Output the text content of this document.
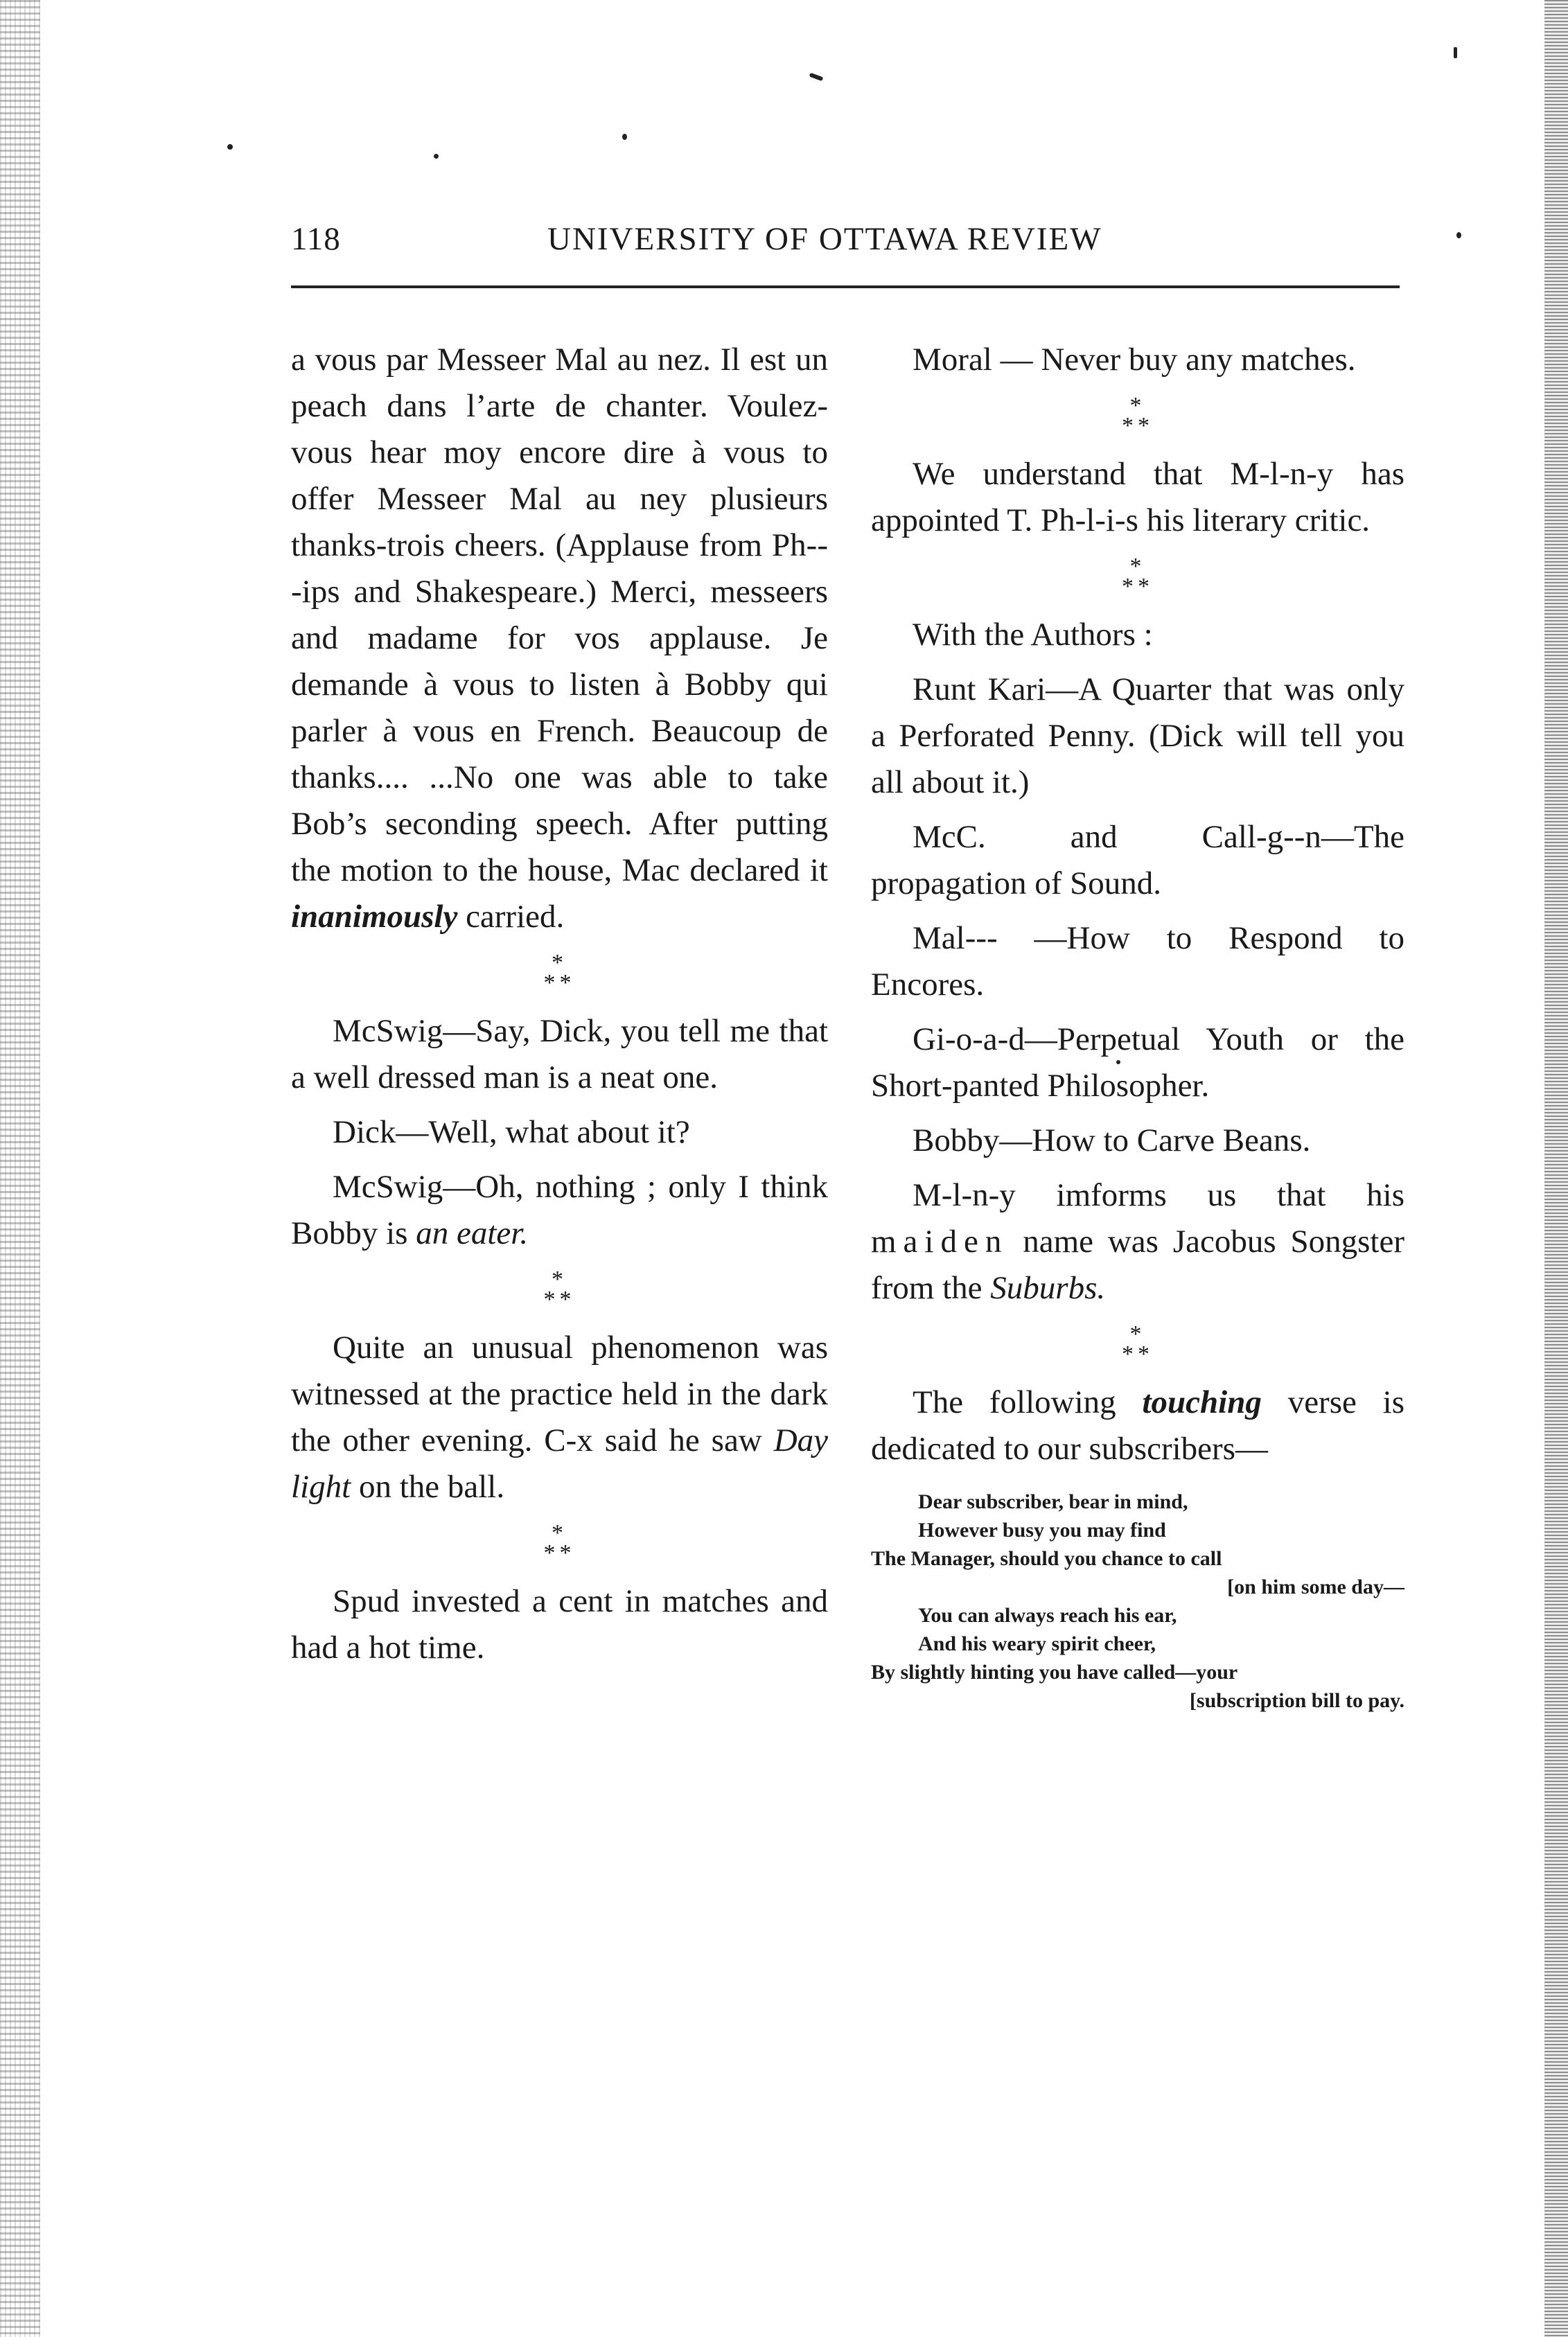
118	UNIVERSITY OF OTTAWA REVIEW

a vous par Messeer Mal au nez. Il est un peach dans l’arte de chanter. Voulez-vous hear moy encore dire à vous to offer Messeer Mal au ney plusieurs thanks-trois cheers. (Applause from Ph---ips and Shakespeare.) Merci, messeers and madame for vos applause. Je demande à vous to listen à Bobby qui parler à vous en French. Beaucoup de thanks.... ...No one was able to take Bob’s seconding speech. After putting the motion to the house, Mac declared it inanimously carried.

*
**

McSwig—Say, Dick, you tell me that a well dressed man is a neat one.

Dick—Well, what about it?

McSwig—Oh, nothing ; only I think Bobby is an eater.

*
**

Quite an unusual phenomenon was witnessed at the practice held in the dark the other evening. C-x said he saw Day light on the ball.

*
**

Spud invested a cent in matches and had a hot time.

Moral — Never buy any matches.

*
**

We understand that M-l-n-y has appointed T. Ph-l-i-s his literary critic.

*
**

With the Authors :

Runt Kari—A Quarter that was only a Perforated Penny. (Dick will tell you all about it.)

McC. and Call-g--n—The propagation of Sound.

Mal--- —How to Respond to Encores.

Gi-o-a-d—Perpetual Youth or the Short-panted Philosopher.

Bobby—How to Carve Beans.

M-l-n-y imforms us that his maiden name was Jacobus Songster from the Suburbs.

*
**

The following touching verse is dedicated to our subscribers—

Dear subscriber, bear in mind,
However busy you may find
The Manager, should you chance to call
[on him some day—
You can always reach his ear,
And his weary spirit cheer,
By slightly hinting you have called—your
[subscription bill to pay.
